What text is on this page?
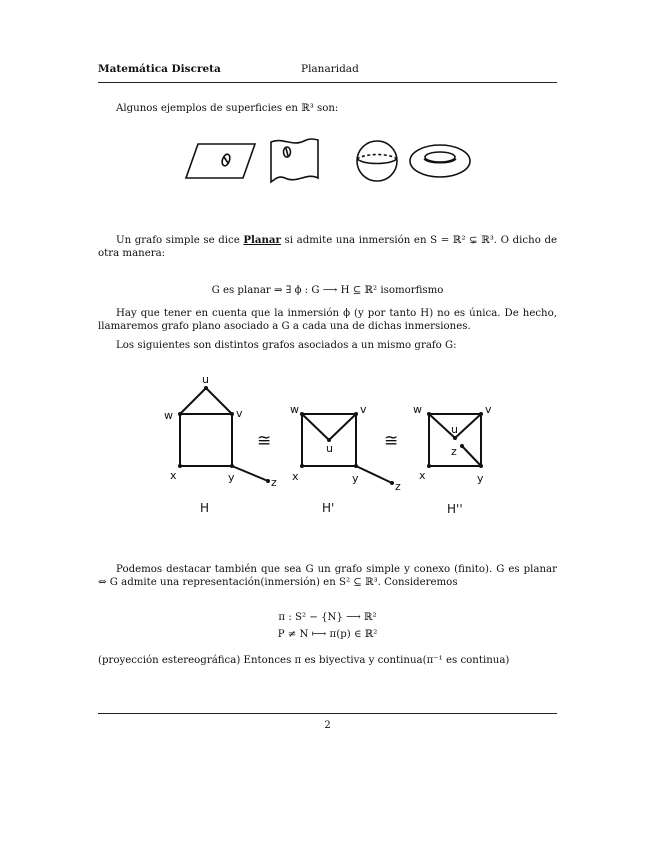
Matemática Discreta	Planaridad
Algunos ejemplos de superficies en ℝ³ son:
Un grafo simple se dice Planar si admite una inmersión en S = ℝ² ⊊ ℝ³. O dicho de otra manera:
G es planar ⇒ ∃ ϕ : G ⟶ H ⊆ ℝ² isomorfismo
Hay que tener en cuenta que la inmersión ϕ (y por tanto H) no es única. De hecho, llamaremos grafo plano asociado a G a cada una de dichas inmersiones.
Los siguientes son distintos grafos asociados a un mismo grafo G:
u
v
w
x	y	z
u
v
w
x	y
z
u
v
w
x	y
z
≅	≅
H	H'	H''
Podemos destacar también que sea G un grafo simple y conexo (finito). G es planar ⇔ G admite una representación(inmersión) en S² ⊆ ℝ³. Consideremos
π : S² − {N} ⟶ ℝ²
P ≠ N ⟼ π(p) ∈ ℝ²
(proyección estereográfica) Entonces π es biyectiva y continua(π⁻¹ es continua)
2
